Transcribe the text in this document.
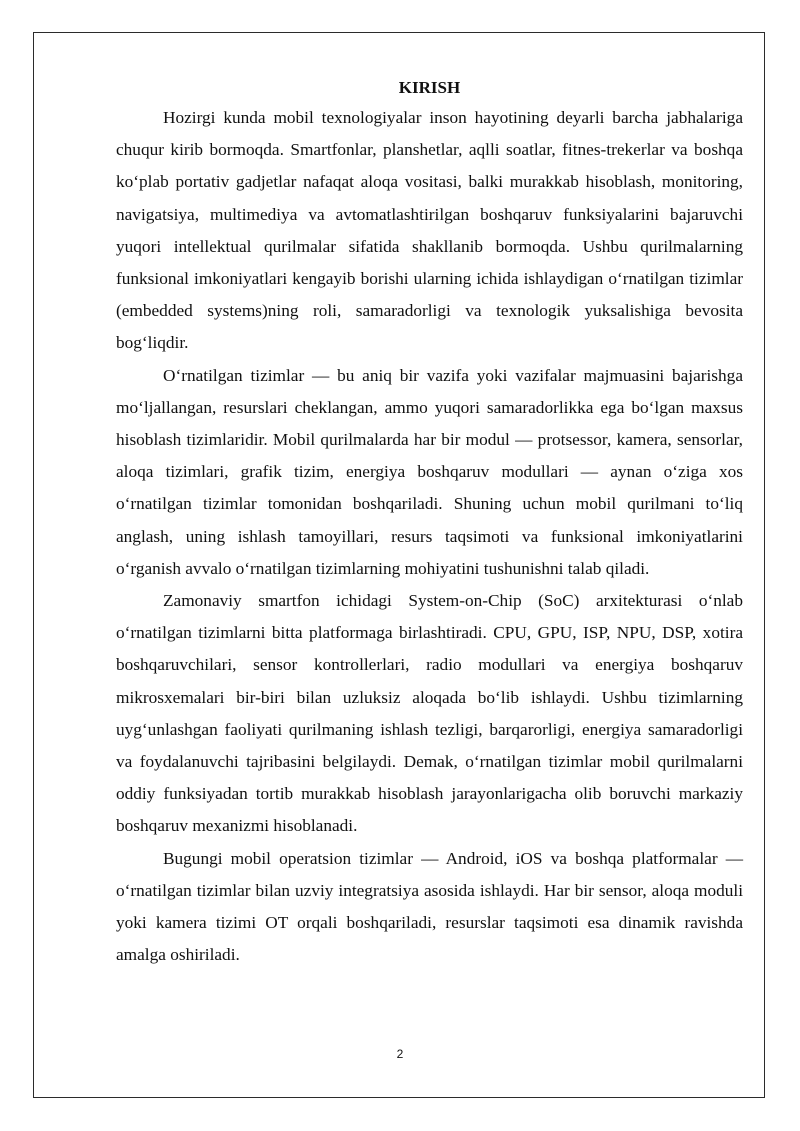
KIRISH

Hozirgi kunda mobil texnologiyalar inson hayotining deyarli barcha jabhalariga chuqur kirib bormoqda. Smartfonlar, planshetlar, aqlli soatlar, fitnes-trekerlar va boshqa ko‘plab portativ gadjetlar nafaqat aloqa vositasi, balki murakkab hisoblash, monitoring, navigatsiya, multimediya va avtomatlashtirilgan boshqaruv funksiyalarini bajaruvchi yuqori intellektual qurilmalar sifatida shakllanib bormoqda. Ushbu qurilmalarning funksional imkoniyatlari kengayib borishi ularning ichida ishlaydigan o‘rnatilgan tizimlar (embedded systems)ning roli, samaradorligi va texnologik yuksalishiga bevosita bog‘liqdir.

O‘rnatilgan tizimlar — bu aniq bir vazifa yoki vazifalar majmuasini bajarishga mo‘ljallangan, resurslari cheklangan, ammo yuqori samaradorlikka ega bo‘lgan maxsus hisoblash tizimlaridir. Mobil qurilmalarda har bir modul — protsessor, kamera, sensorlar, aloqa tizimlari, grafik tizim, energiya boshqaruv modullari — aynan o‘ziga xos o‘rnatilgan tizimlar tomonidan boshqariladi. Shuning uchun mobil qurilmani to‘liq anglash, uning ishlash tamoyillari, resurs taqsimoti va funksional imkoniyatlarini o‘rganish avvalo o‘rnatilgan tizimlarning mohiyatini tushunishni talab qiladi.

Zamonaviy smartfon ichidagi System-on-Chip (SoC) arxitekturasi o‘nlab o‘rnatilgan tizimlarni bitta platformaga birlashtiradi. CPU, GPU, ISP, NPU, DSP, xotira boshqaruvchilari, sensor kontrollerlari, radio modullari va energiya boshqaruv mikrosxemalari bir-biri bilan uzluksiz aloqada bo‘lib ishlaydi. Ushbu tizimlarning uyg‘unlashgan faoliyati qurilmaning ishlash tezligi, barqarorligi, energiya samaradorligi va foydalanuvchi tajribasini belgilaydi. Demak, o‘rnatilgan tizimlar mobil qurilmalarni oddiy funksiyadan tortib murakkab hisoblash jarayonlarigacha olib boruvchi markaziy boshqaruv mexanizmi hisoblanadi.

Bugungi mobil operatsion tizimlar — Android, iOS va boshqa platformalar — o‘rnatilgan tizimlar bilan uzviy integratsiya asosida ishlaydi. Har bir sensor, aloqa moduli yoki kamera tizimi OT orqali boshqariladi, resurslar taqsimoti esa dinamik ravishda amalga oshiriladi.

2
